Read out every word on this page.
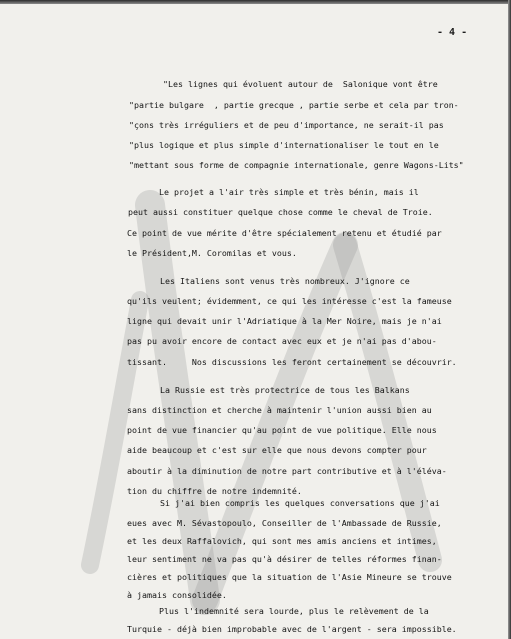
- 4 -
"Les lignes qui évoluent autour de  Salonique vont être
"partie bulgare  , partie grecque , partie serbe et cela par tron-
"çons très irréguliers et de peu d'importance, ne serait-il pas
"plus logique et plus simple d'internationaliser le tout en le
"mettant sous forme de compagnie internationale, genre Wagons-Lits"
Le projet a l'air très simple et très bénin, mais il
peut aussi constituer quelque chose comme le cheval de Troie.
Ce point de vue mérite d'être spécialement retenu et étudié par
le Président,M. Coromilas et vous.
Les Italiens sont venus très nombreux. J'ignore ce
qu'ils veulent; évidemment, ce qui les intéresse c'est la fameuse
ligne qui devait unir l'Adriatique à la Mer Noire, mais je n'ai
pas pu avoir encore de contact avec eux et je n'ai pas d'abou-
tissant.     Nos discussions les feront certainement se découvrir.
La Russie est très protectrice de tous les Balkans
sans distinction et cherche à maintenir l'union aussi bien au
point de vue financier qu'au point de vue politique. Elle nous
aide beaucoup et c'est sur elle que nous devons compter pour
aboutir à la diminution de notre part contributive et à l'éléva-
tion du chiffre de notre indemnité.
Si j'ai bien compris les quelques conversations que j'ai
eues avec M. Sévastopoulo, Conseiller de l'Ambassade de Russie,
et les deux Raffalovich, qui sont mes amis anciens et intimes,
leur sentiment ne va pas qu'à désirer de telles réformes finan-
cières et politiques que la situation de l'Asie Mineure se trouve
à jamais consolidée.
Plus l'indemnité sera lourde, plus le relèvement de la
Turquie - déjà bien improbable avec de l'argent - sera impossible.
